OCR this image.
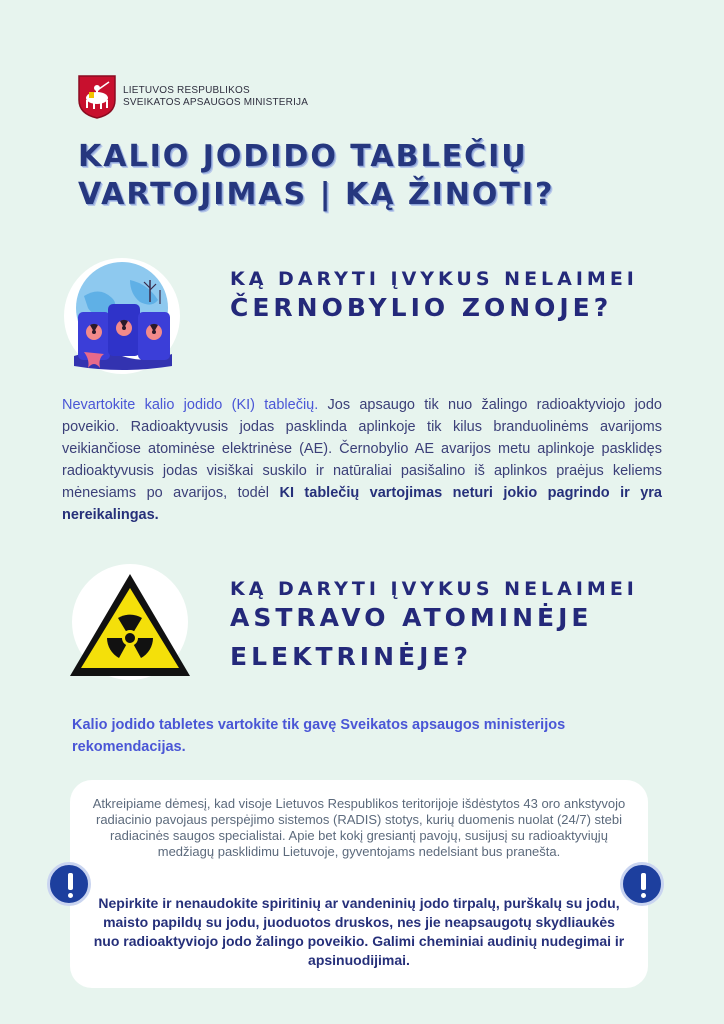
LIETUVOS RESPUBLIKOS
SVEIKATOS APSAUGOS MINISTERIJA
KALIO JODIDO TABLEČIŲ
VARTOJIMAS | KĄ ŽINOTI?
KĄ DARYTI ĮVYKUS NELAIMEI
ČERNOBYLIO ZONOJE?
Nevartokite kalio jodido (KI) tablečių. Jos apsaugo tik nuo žalingo radioaktyviojo jodo poveikio. Radioaktyvusis jodas pasklinda aplinkoje tik kilus branduolinėms avarijoms veikiančiose atominėse elektrinėse (AE). Černobylio AE avarijos metu aplinkoje pasklidęs radioaktyvusis jodas visiškai suskilo ir natūraliai pasišalino iš aplinkos praėjus keliems mėnesiams po avarijos, todėl KI tablečių vartojimas neturi jokio pagrindo ir yra nereikalingas.
KĄ DARYTI ĮVYKUS NELAIMEI
ASTRAVO ATOMINĖJE
ELEKTRINĖJE?
Kalio jodido tabletes vartokite tik gavę Sveikatos apsaugos ministerijos rekomendacijas.
Atkreipiame dėmesį, kad visoje Lietuvos Respublikos teritorijoje išdėstytos 43 oro ankstyvojo radiacinio pavojaus perspėjimo sistemos (RADIS) stotys, kurių duomenis nuolat (24/7) stebi radiacinės saugos specialistai. Apie bet kokį gresiantį pavojų, susijusį su radioaktyviųjų medžiagų pasklidimu Lietuvoje, gyventojams nedelsiant bus pranešta.
Nepirkite ir nenaudokite spiritinių ar vandeninių jodo tirpalų, purškalų su jodu, maisto papildų su jodu, juoduotos druskos, nes jie neapsaugotų skydliaukės nuo radioaktyviojo jodo žalingo poveikio. Galimi cheminiai audinių nudegimai ir apsinuodijimai.
